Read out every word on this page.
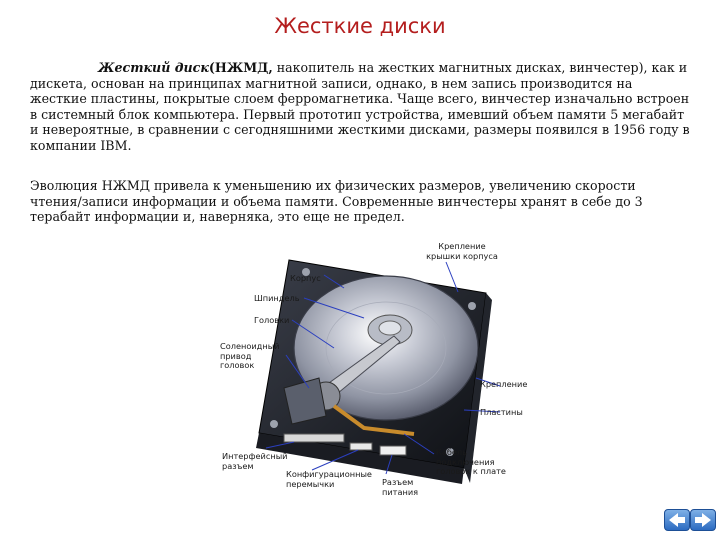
Жесткие диски
Жесткий диск(НЖМД, накопитель на жестких магнитных дисках, винчестер), как и дискета, основан на принципах магнитной записи, однако, в нем запись производится на жесткие пластины, покрытые слоем ферромагнетика. Чаще всего, винчестер изначально встроен в системный блок компьютера. Первый прототип устройства, имевший объем памяти 5 мегабайт и невероятные, в сравнении с сегодняшними жесткими дисками, размеры появился в 1956 году в компании IBM.
Эволюция НЖМД привела к уменьшению их физических размеров, увеличению скорости чтения/записи информации и объема памяти. Современные винчестеры хранят в себе до 3 терабайт информации и, наверняка, это еще не предел.
Крепление крышки корпуса
Корпус
Шпиндель
Головки
Соленоидный привод головок
Крепление
Пластины
Интерфейсный разъем
Конфигурационные перемычки
Кабель подключения головок к плате
Разъем питания
